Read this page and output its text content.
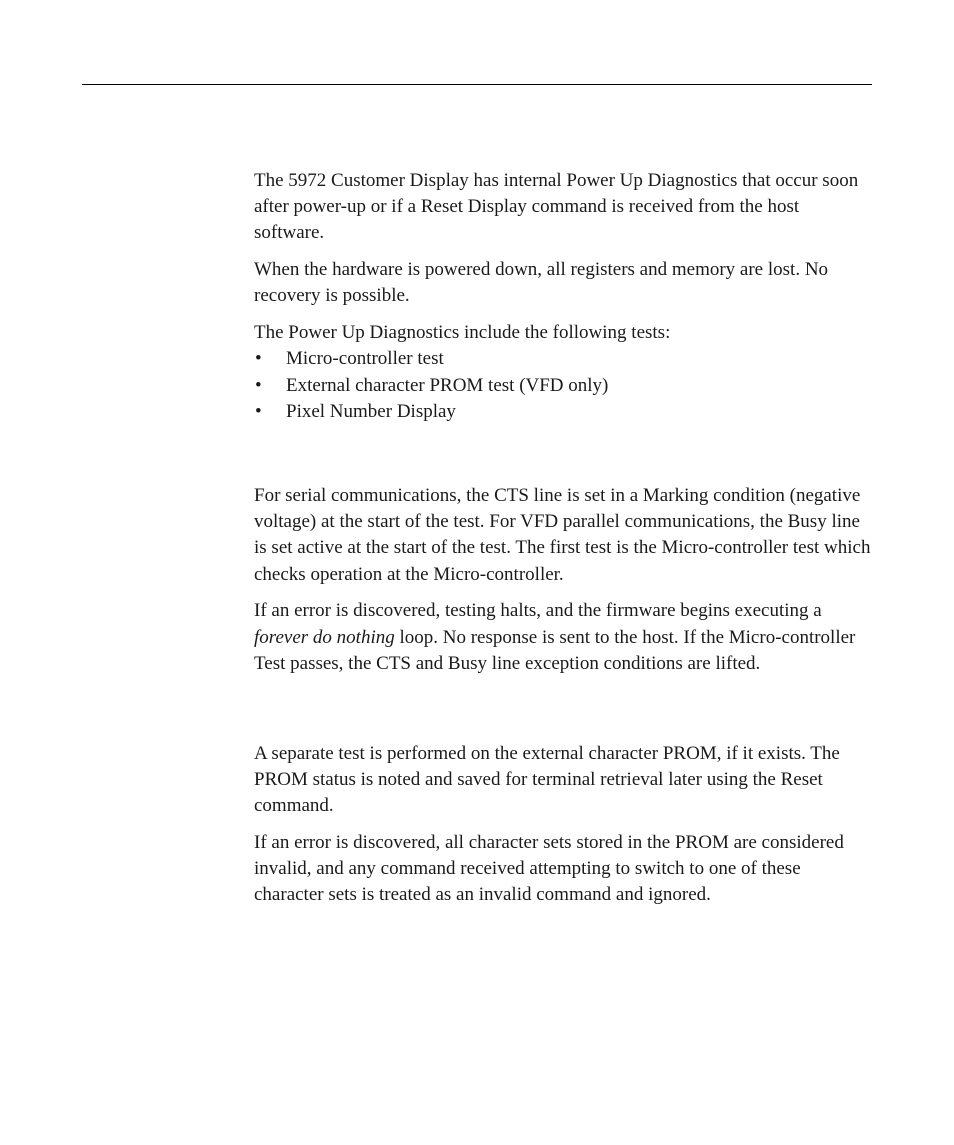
The 5972 Customer Display has internal Power Up Diagnostics that occur soon after power-up or if a Reset Display command is received from the host software.

When the hardware is powered down, all registers and memory are lost. No recovery is possible.

The Power Up Diagnostics include the following tests:

• Micro-controller test
• External character PROM test (VFD only)
• Pixel Number Display

For serial communications, the CTS line is set in a Marking condition (negative voltage) at the start of the test. For VFD parallel communications, the Busy line is set active at the start of the test. The first test is the Micro-controller test which checks operation at the Micro-controller.

If an error is discovered, testing halts, and the firmware begins executing a forever do nothing loop. No response is sent to the host. If the Micro-controller Test passes, the CTS and Busy line exception conditions are lifted.

A separate test is performed on the external character PROM, if it exists. The PROM status is noted and saved for terminal retrieval later using the Reset command.

If an error is discovered, all character sets stored in the PROM are considered invalid, and any command received attempting to switch to one of these character sets is treated as an invalid command and ignored.
